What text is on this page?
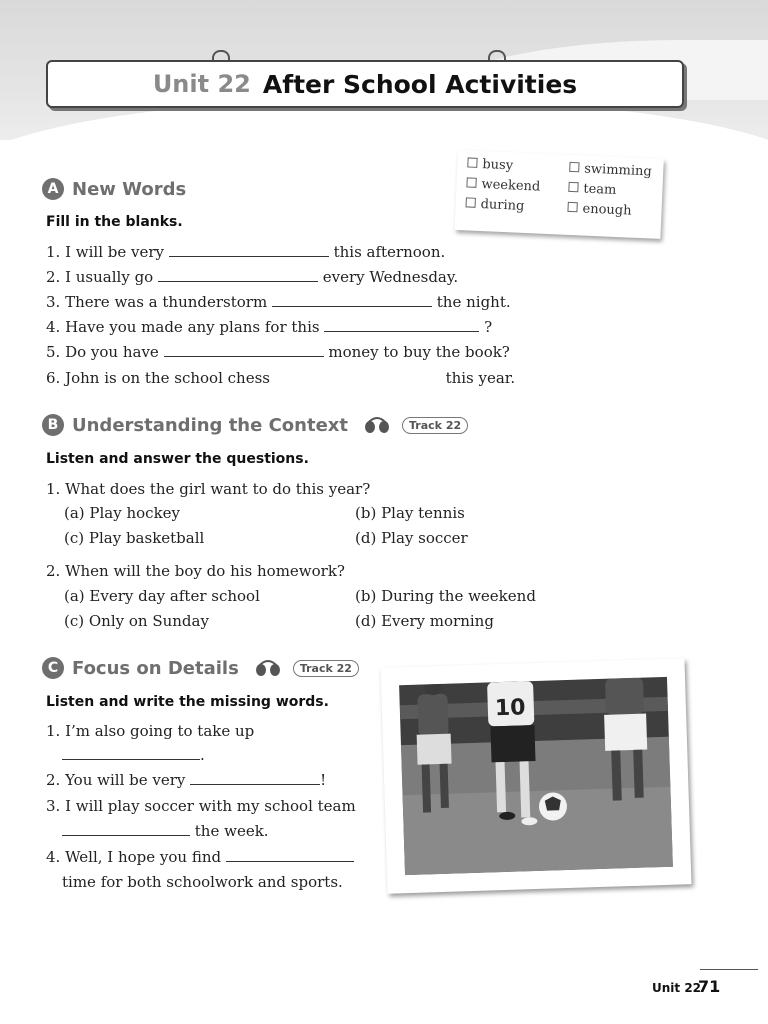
Unit 22 After School Activities
A New Words
Fill in the blanks.
busy	swimming
weekend	team
during	enough
1. I will be very	this afternoon.
2. I usually go	every Wednesday.
3. There was a thunderstorm	the night.
4. Have you made any plans for this	?
5. Do you have	money to buy the book?
6. John is on the school chess	this year.
B Understanding the Context	Track 22
Listen and answer the questions.
1. What does the girl want to do this year?
(a) Play hockey	(b) Play tennis
(c) Play basketball	(d) Play soccer
2. When will the boy do his homework?
(a) Every day after school	(b) During the weekend
(c) Only on Sunday	(d) Every morning
C Focus on Details	Track 22
Listen and write the missing words.
1. I’m also going to take up
.
2. You will be very	!
3. I will play soccer with my school team
the week.
4. Well, I hope you find
time for both schoolwork and sports.
10
Unit 22
71
